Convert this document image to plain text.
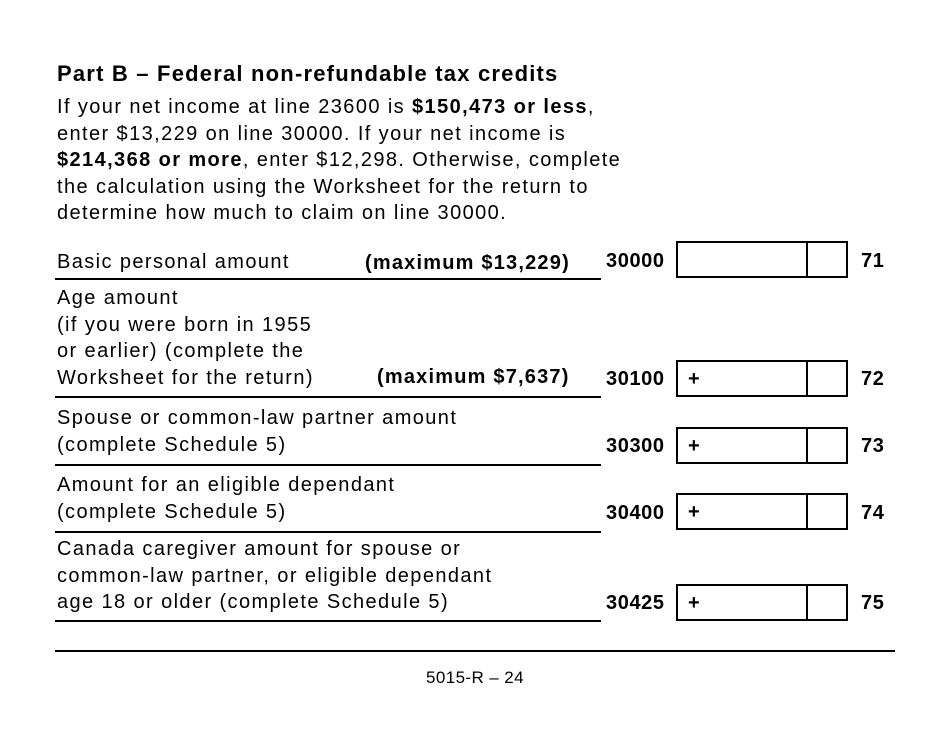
Part B – Federal non-refundable tax credits
If your net income at line 23600 is $150,473 or less,
enter $13,229 on line 30000. If your net income is
$214,368 or more, enter $12,298. Otherwise, complete
the calculation using the Worksheet for the return to
determine how much to claim on line 30000.
Basic personal amount	(maximum $13,229) 30000	71
Age amount
(if you were born in 1955
or earlier) (complete the
Worksheet for the return)	(maximum $7,637) 30100 +	72
Spouse or common-law partner amount
(complete Schedule 5)	30300 +	73
Amount for an eligible dependant
(complete Schedule 5)	30400 +	74
Canada caregiver amount for spouse or
common-law partner, or eligible dependant
age 18 or older (complete Schedule 5)	30425 +	75
5015-R – 24
